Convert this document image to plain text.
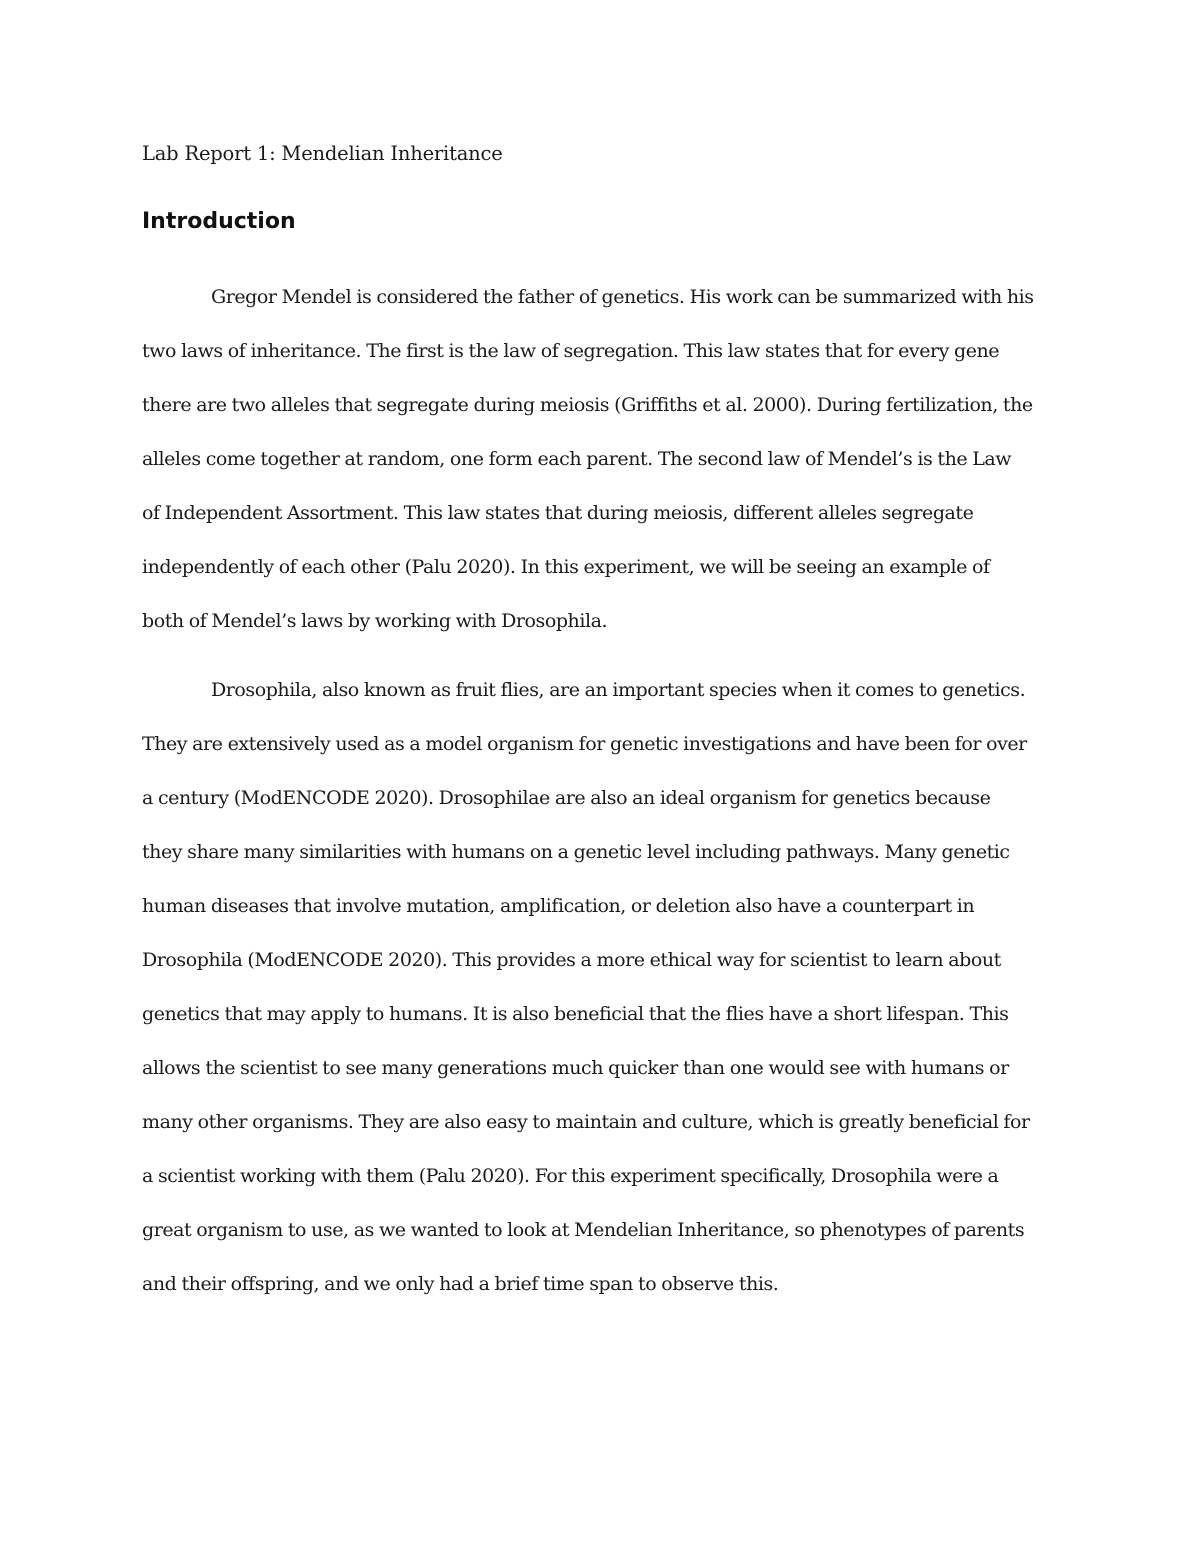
Lab Report 1: Mendelian Inheritance
Introduction
Gregor Mendel is considered the father of genetics. His work can be summarized with his
two laws of inheritance. The first is the law of segregation. This law states that for every gene
there are two alleles that segregate during meiosis (Griffiths et al. 2000). During fertilization, the
alleles come together at random, one form each parent. The second law of Mendel’s is the Law
of Independent Assortment. This law states that during meiosis, different alleles segregate
independently of each other (Palu 2020). In this experiment, we will be seeing an example of
both of Mendel’s laws by working with Drosophila.
Drosophila, also known as fruit flies, are an important species when it comes to genetics.
They are extensively used as a model organism for genetic investigations and have been for over
a century (ModENCODE 2020). Drosophilae are also an ideal organism for genetics because
they share many similarities with humans on a genetic level including pathways. Many genetic
human diseases that involve mutation, amplification, or deletion also have a counterpart in
Drosophila (ModENCODE 2020). This provides a more ethical way for scientist to learn about
genetics that may apply to humans. It is also beneficial that the flies have a short lifespan. This
allows the scientist to see many generations much quicker than one would see with humans or
many other organisms. They are also easy to maintain and culture, which is greatly beneficial for
a scientist working with them (Palu 2020). For this experiment specifically, Drosophila were a
great organism to use, as we wanted to look at Mendelian Inheritance, so phenotypes of parents
and their offspring, and we only had a brief time span to observe this.
